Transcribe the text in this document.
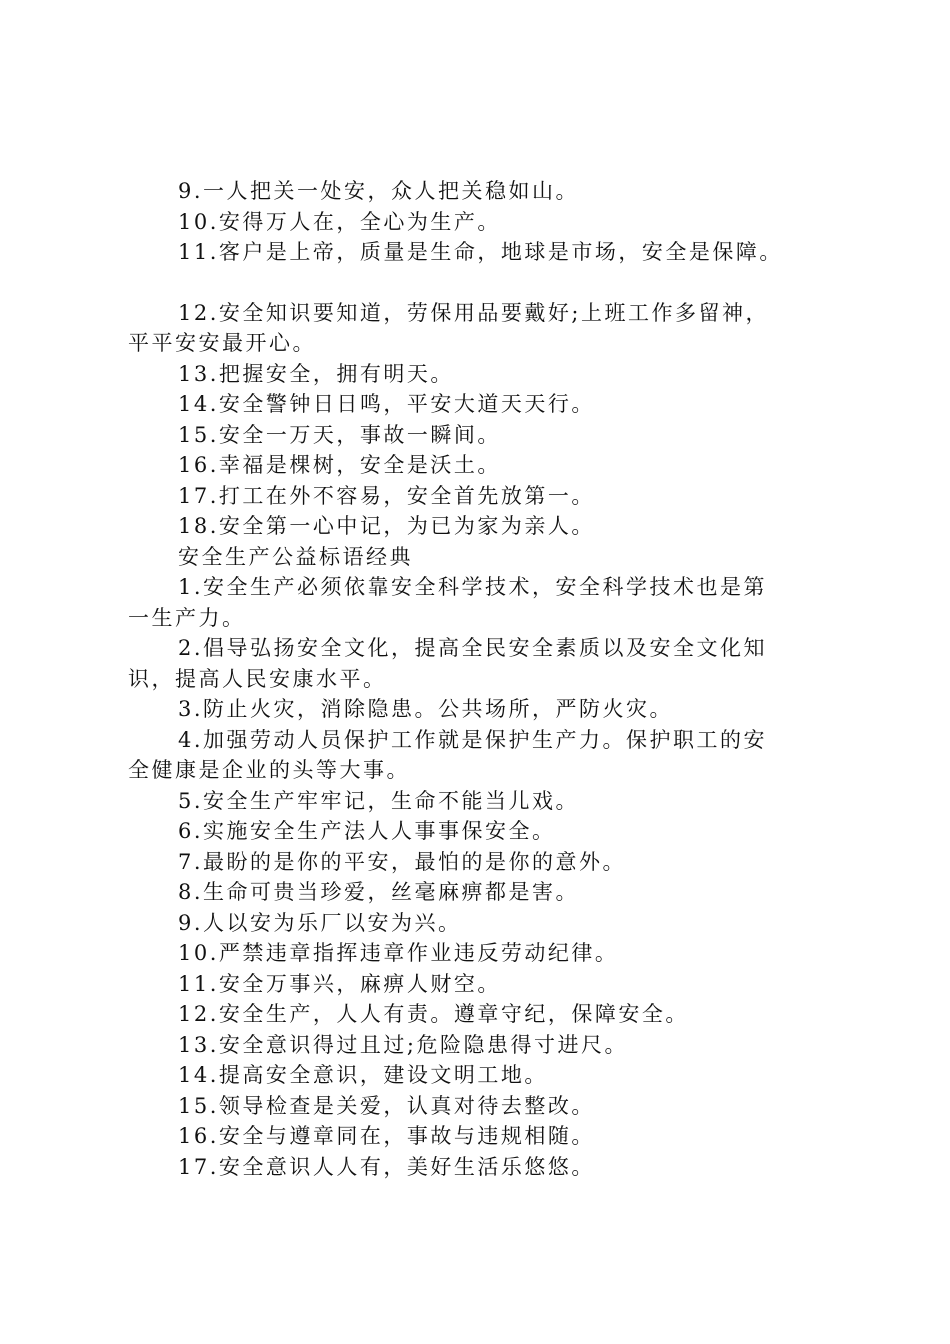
9.一人把关一处安，众人把关稳如山。
10.安得万人在，全心为生产。
11.客户是上帝，质量是生命，地球是市场，安全是保障。
12.安全知识要知道，劳保用品要戴好;上班工作多留神，
平平安安最开心。
13.把握安全，拥有明天。
14.安全警钟日日鸣，平安大道天天行。
15.安全一万天，事故一瞬间。
16.幸福是棵树，安全是沃土。
17.打工在外不容易，安全首先放第一。
18.安全第一心中记，为已为家为亲人。
安全生产公益标语经典
1.安全生产必须依靠安全科学技术，安全科学技术也是第
一生产力。
2.倡导弘扬安全文化，提高全民安全素质以及安全文化知
识，提高人民安康水平。
3.防止火灾，消除隐患。公共场所，严防火灾。
4.加强劳动人员保护工作就是保护生产力。保护职工的安
全健康是企业的头等大事。
5.安全生产牢牢记，生命不能当儿戏。
6.实施安全生产法人人事事保安全。
7.最盼的是你的平安，最怕的是你的意外。
8.生命可贵当珍爱，丝毫麻痹都是害。
9.人以安为乐厂以安为兴。
10.严禁违章指挥违章作业违反劳动纪律。
11.安全万事兴，麻痹人财空。
12.安全生产，人人有责。遵章守纪，保障安全。
13.安全意识得过且过;危险隐患得寸进尺。
14.提高安全意识，建设文明工地。
15.领导检查是关爱，认真对待去整改。
16.安全与遵章同在，事故与违规相随。
17.安全意识人人有，美好生活乐悠悠。
